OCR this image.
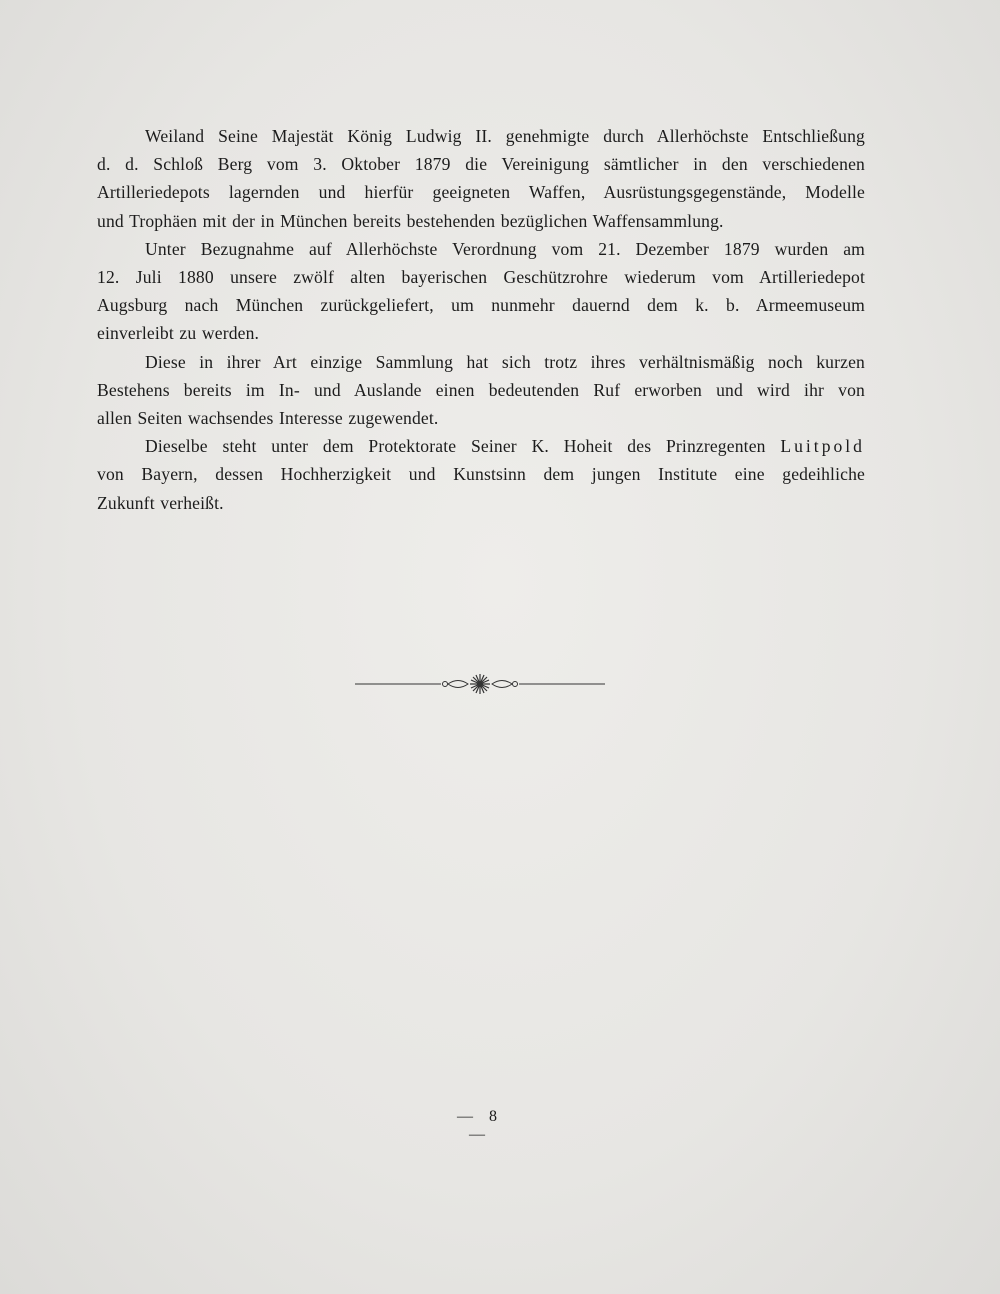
Weiland Seine Majestät König Ludwig II. genehmigte durch Allerhöchste Entschließung
d. d. Schloß Berg vom 3. Oktober 1879 die Vereinigung sämtlicher in den verschiedenen
Artilleriedepots lagernden und hierfür geeigneten Waffen, Ausrüstungsgegenstände, Modelle
und Trophäen mit der in München bereits bestehenden bezüglichen Waffensammlung.

Unter Bezugnahme auf Allerhöchste Verordnung vom 21. Dezember 1879 wurden am
12. Juli 1880 unsere zwölf alten bayerischen Geschützrohre wiederum vom Artilleriedepot
Augsburg nach München zurückgeliefert, um nunmehr dauernd dem k. b. Armeemuseum
einverleibt zu werden.

Diese in ihrer Art einzige Sammlung hat sich trotz ihres verhältnismäßig noch kurzen
Bestehens bereits im In- und Auslande einen bedeutenden Ruf erworben und wird ihr von
allen Seiten wachsendes Interesse zugewendet.

Dieselbe steht unter dem Protektorate Seiner K. Hoheit des Prinzregenten Luitpold
von Bayern, dessen Hochherzigkeit und Kunstsinn dem jungen Institute eine gedeihliche
Zukunft verheißt.

— 8 —
